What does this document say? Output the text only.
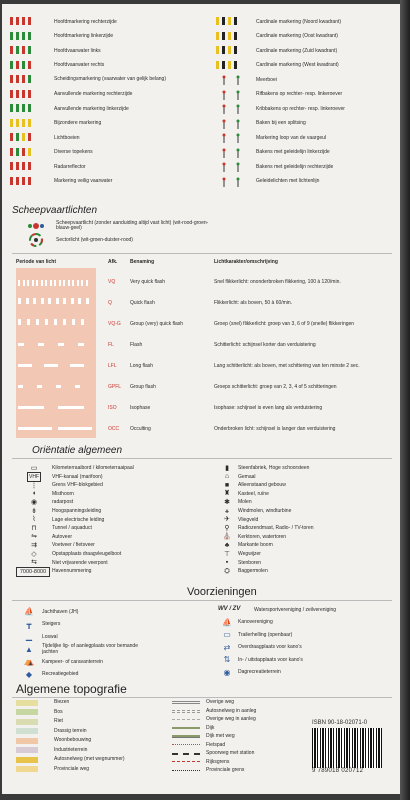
Hoofdmarkering rechterzijde
Hoofdmarkering linkerzijde
Hoofdvaarwater links
Hoofdvaarwater rechts
Scheidingsmarkering (vaarwater van gelijk belang)
Aanvullende markering rechterzijde
Aanvullende markering linkerzijde
Bijzondere markering
Lichtboeien
Diverse topekens
Radarreflector
Markering veilig vaarwater
Cardinale markering (Noord kwadrant)
Cardinale markering (Oost kwadrant)
Cardinale markering (Zuid kwadrant)
Cardinale markering (West kwadrant)
Meerboei
Rifbakens op rechter- resp. linkeroever
Kribbakens op rechter- resp. linkeroever
Baken bij een splitsing
Markering loop van de vaargeul
Bakens met geleidelijn linkerzijde
Bakens met geleidelijn rechterzijde
Geleidelichten met lichtenlijn
Scheepvaartlichten
Scheepvaartlicht (zonder aanduiding altijd vast licht) (wit-rood-groen-blauw-geel)
Sectorlicht (wit-groen-duister-rood)
Periode van licht	Afk.	Benaming	Lichtkarakter/omschrijving
VQ	Very quick flash	Snel flikkerlicht: ononderbroken flikkering, 100 à 120/min.
Q	Quick flash	Flikkerlicht: als boven, 50 à 60/min.
VQ-G Group (very) quick flash	Groep (snel) flikkerlicht: groep van 3, 6 of 9 (snelle) flikkeringen
FL	Flash	Schitterlicht: schijnsel korter dan verduistering
LFL	Long flash	Lang schitterlicht: als boven, met schittering van ten minste 2 sec.
GPFL Group flash	Groeps schitterlicht: groep van 2, 3, 4 of 5 schitteringen
ISO	Isophase	Isophase: schijnsel is even lang als verduistering
OCC Occulting	Onderbroken licht: schijnsel is langer dan verduistering
Oriëntatie algemeen
▭	Kilometerraaibord / kilometerraaipaal
VHF	VHF-kanaal (marifoon)
┊	Grens VHF-blokgebied
◖	Misthoorn
◉	radarpost
⇟	Hoogspanningsleiding
⌇	Lage electrische leiding
⊓	Tunnel / aquaduct
⇋	Autoveer
⇉	Voetveer / fietsveer
◇	Opstapplaats draagvleugelboot
⇆	Niet vrijvarende veerpont
7000-8000	Havennummering
▮	Steenfabriek, Hoge schoorsteen
⌂	Gemaal
■	Alleenstaand gebouw
♜	Kasteel, ruïne
✱	Molen
⚹	Windmolen, windturbine
✈	Vliegveld
⚲	Radiozendmast, Radio- / TV-toren
⛪	Kerktoren, watertoren
♣	Markante boom
⊤	Wegwijzer
▪	Stenboren
⛭	Baggermolen
Voorzieningen
⛵	Jachthaven (JH)
┳	Steigers
▁	Loswal
▲	Tijdelijke lig- of aanlegplaats voor bemande jachten
⛺	Kampeer- of caravanterrein
◆	Recreatiegebied
WV / ZV	Watersportvereniging / zeilvereniging
⛵	Kanovereniging
▭	Trailerhelling (openbaar)
⇄	Overdraagplaats voor kano's
⇅	In- / uitstapplaats voor kano's
◉	Dagrecreatieterrein
Algemene topografie
Biezen
Bos
Riet
Drassig terrein
Woonbebouwing
Industrieterrein
Autosnelweg (met wegnummer)
Provinciale weg
Overige weg
Autosnelweg in aanleg
Overige weg in aanleg
Dijk
Dijk met weg
Fietspad
Spoorweg met station
Rijksgrens
Provinciale grens
ISBN 90-18-02071-0
9 789018 020712
